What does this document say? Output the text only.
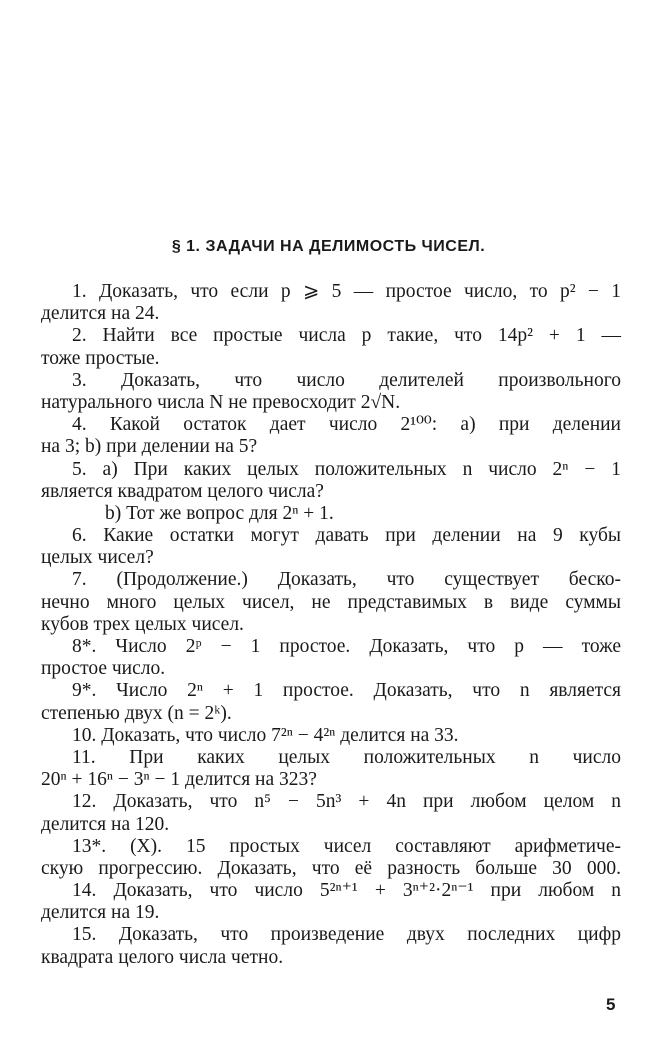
§ 1. ЗАДАЧИ НА ДЕЛИМОСТЬ ЧИСЕЛ.
1. Доказать, что если p ⩾ 5 — простое число, то p² − 1
делится на 24.
2. Найти все простые числа p такие, что 14p² + 1 —
тоже простые.
3. Доказать, что число делителей произвольного
натурального числа N не превосходит 2√N.
4. Какой остаток дает число 2¹⁰⁰: а) при делении
на 3; b) при делении на 5?
5. а) При каких целых положительных n число 2ⁿ − 1
является квадратом целого числа?
b) Тот же вопрос для 2ⁿ + 1.
6. Какие остатки могут давать при делении на 9 кубы
целых чисел?
7. (Продолжение.) Доказать, что существует беско-
нечно много целых чисел, не представимых в виде суммы
кубов трех целых чисел.
8*. Число 2ᵖ − 1 простое. Доказать, что p — тоже
простое число.
9*. Число 2ⁿ + 1 простое. Доказать, что n является
степенью двух (n = 2ᵏ).
10. Доказать, что число 7²ⁿ − 4²ⁿ делится на 33.
11. При каких целых положительных n число
20ⁿ + 16ⁿ − 3ⁿ − 1 делится на 323?
12. Доказать, что n⁵ − 5n³ + 4n при любом целом n
делится на 120.
13*. (X). 15 простых чисел составляют арифметиче-
скую прогрессию. Доказать, что её разность больше 30 000.
14. Доказать, что число 5²ⁿ⁺¹ + 3ⁿ⁺²·2ⁿ⁻¹ при любом n
делится на 19.
15. Доказать, что произведение двух последних цифр
квадрата целого числа четно.
5
